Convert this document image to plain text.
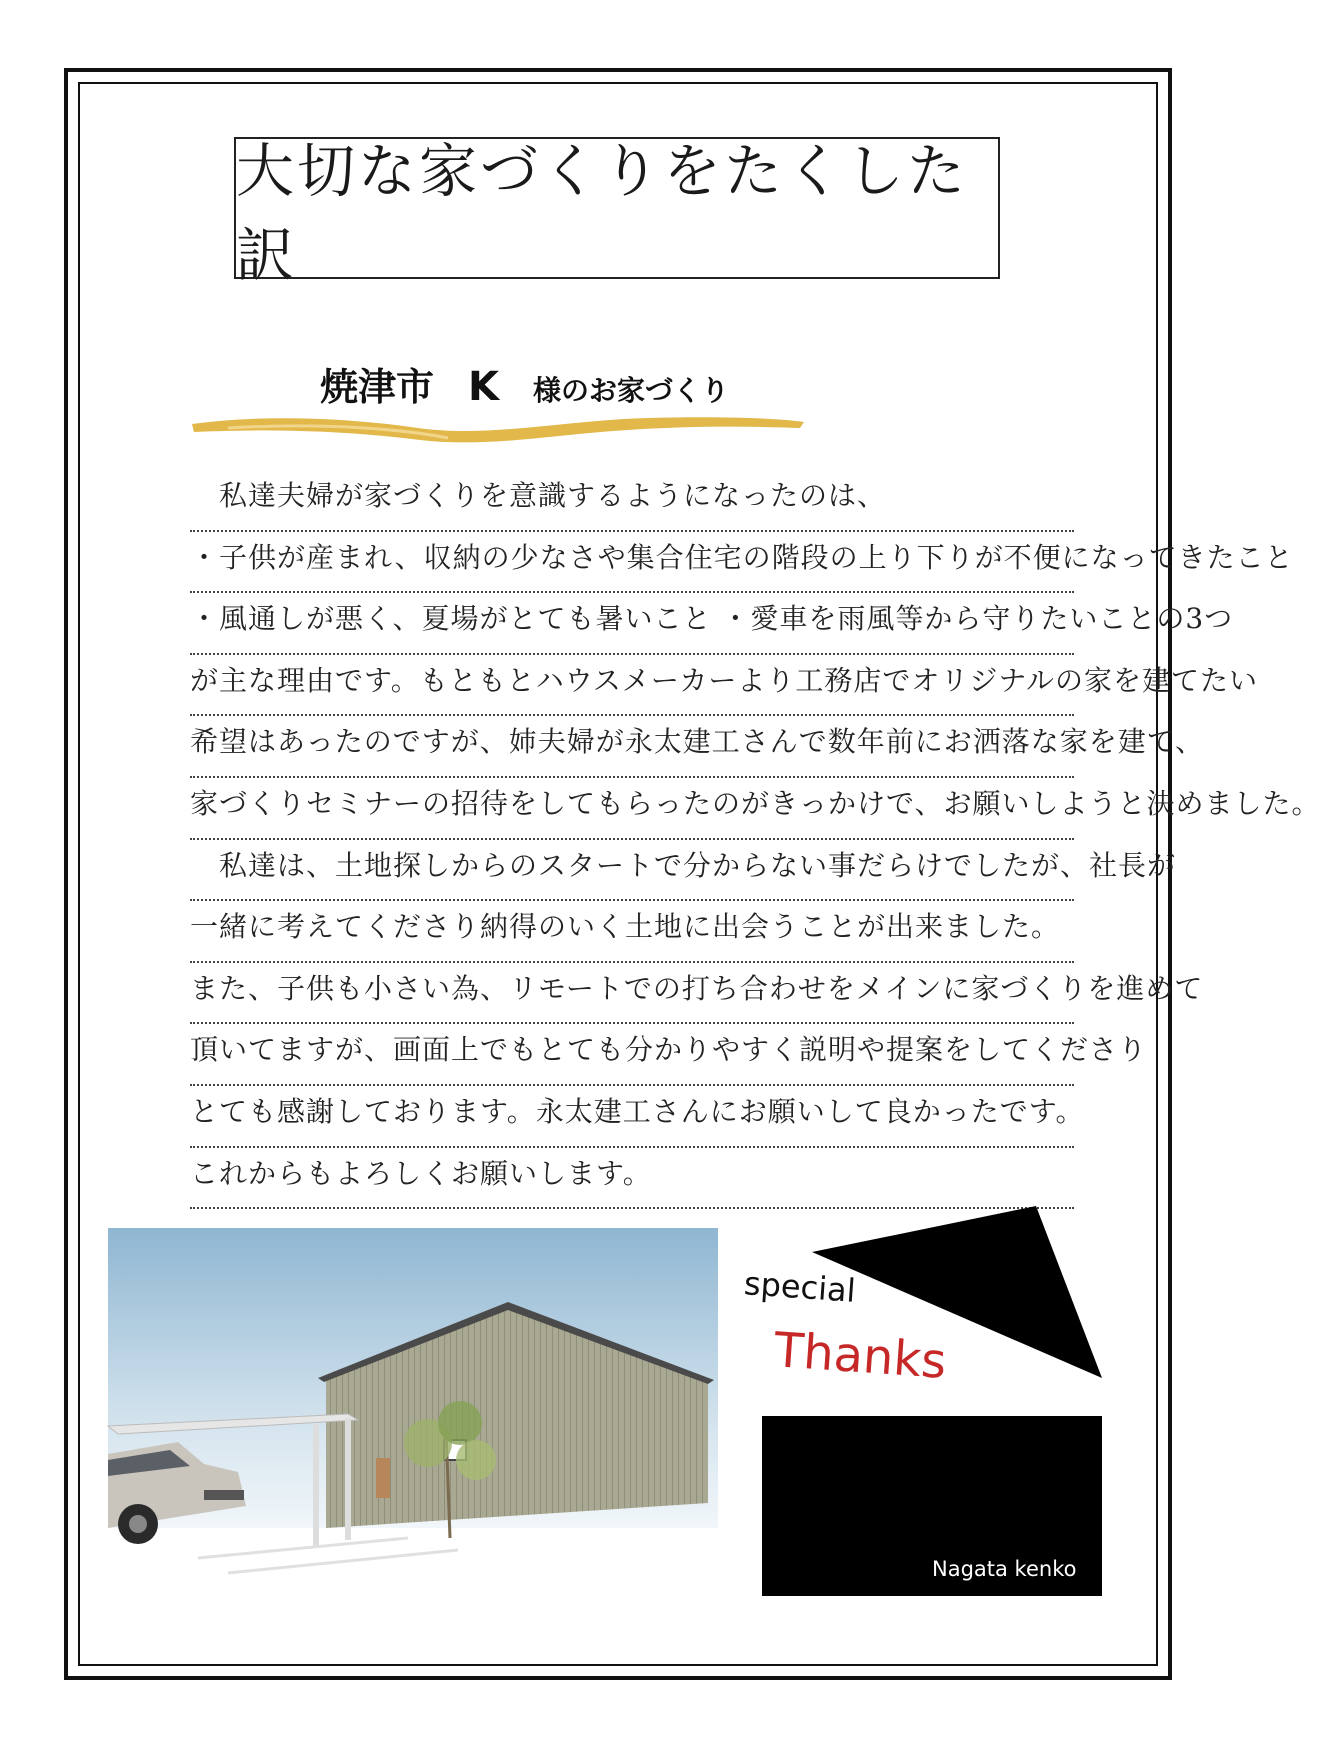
大切な家づくりをたくした訳
焼津市 K 様のお家づくり
　私達夫婦が家づくりを意識するようになったのは、
・子供が産まれ、収納の少なさや集合住宅の階段の上り下りが不便になってきたこと
・風通しが悪く、夏場がとても暑いこと ・愛車を雨風等から守りたいことの3つ
が主な理由です。もともとハウスメーカーより工務店でオリジナルの家を建てたい
希望はあったのですが、姉夫婦が永太建工さんで数年前にお洒落な家を建て、
家づくりセミナーの招待をしてもらったのがきっかけで、お願いしようと決めました。
　私達は、土地探しからのスタートで分からない事だらけでしたが、社長が
一緒に考えてくださり納得のいく土地に出会うことが出来ました。
また、子供も小さい為、リモートでの打ち合わせをメインに家づくりを進めて
頂いてますが、画面上でもとても分かりやすく説明や提案をしてくださり
とても感謝しております。永太建工さんにお願いして良かったです。
これからもよろしくお願いします。
special
Thanks
Nagata kenko
